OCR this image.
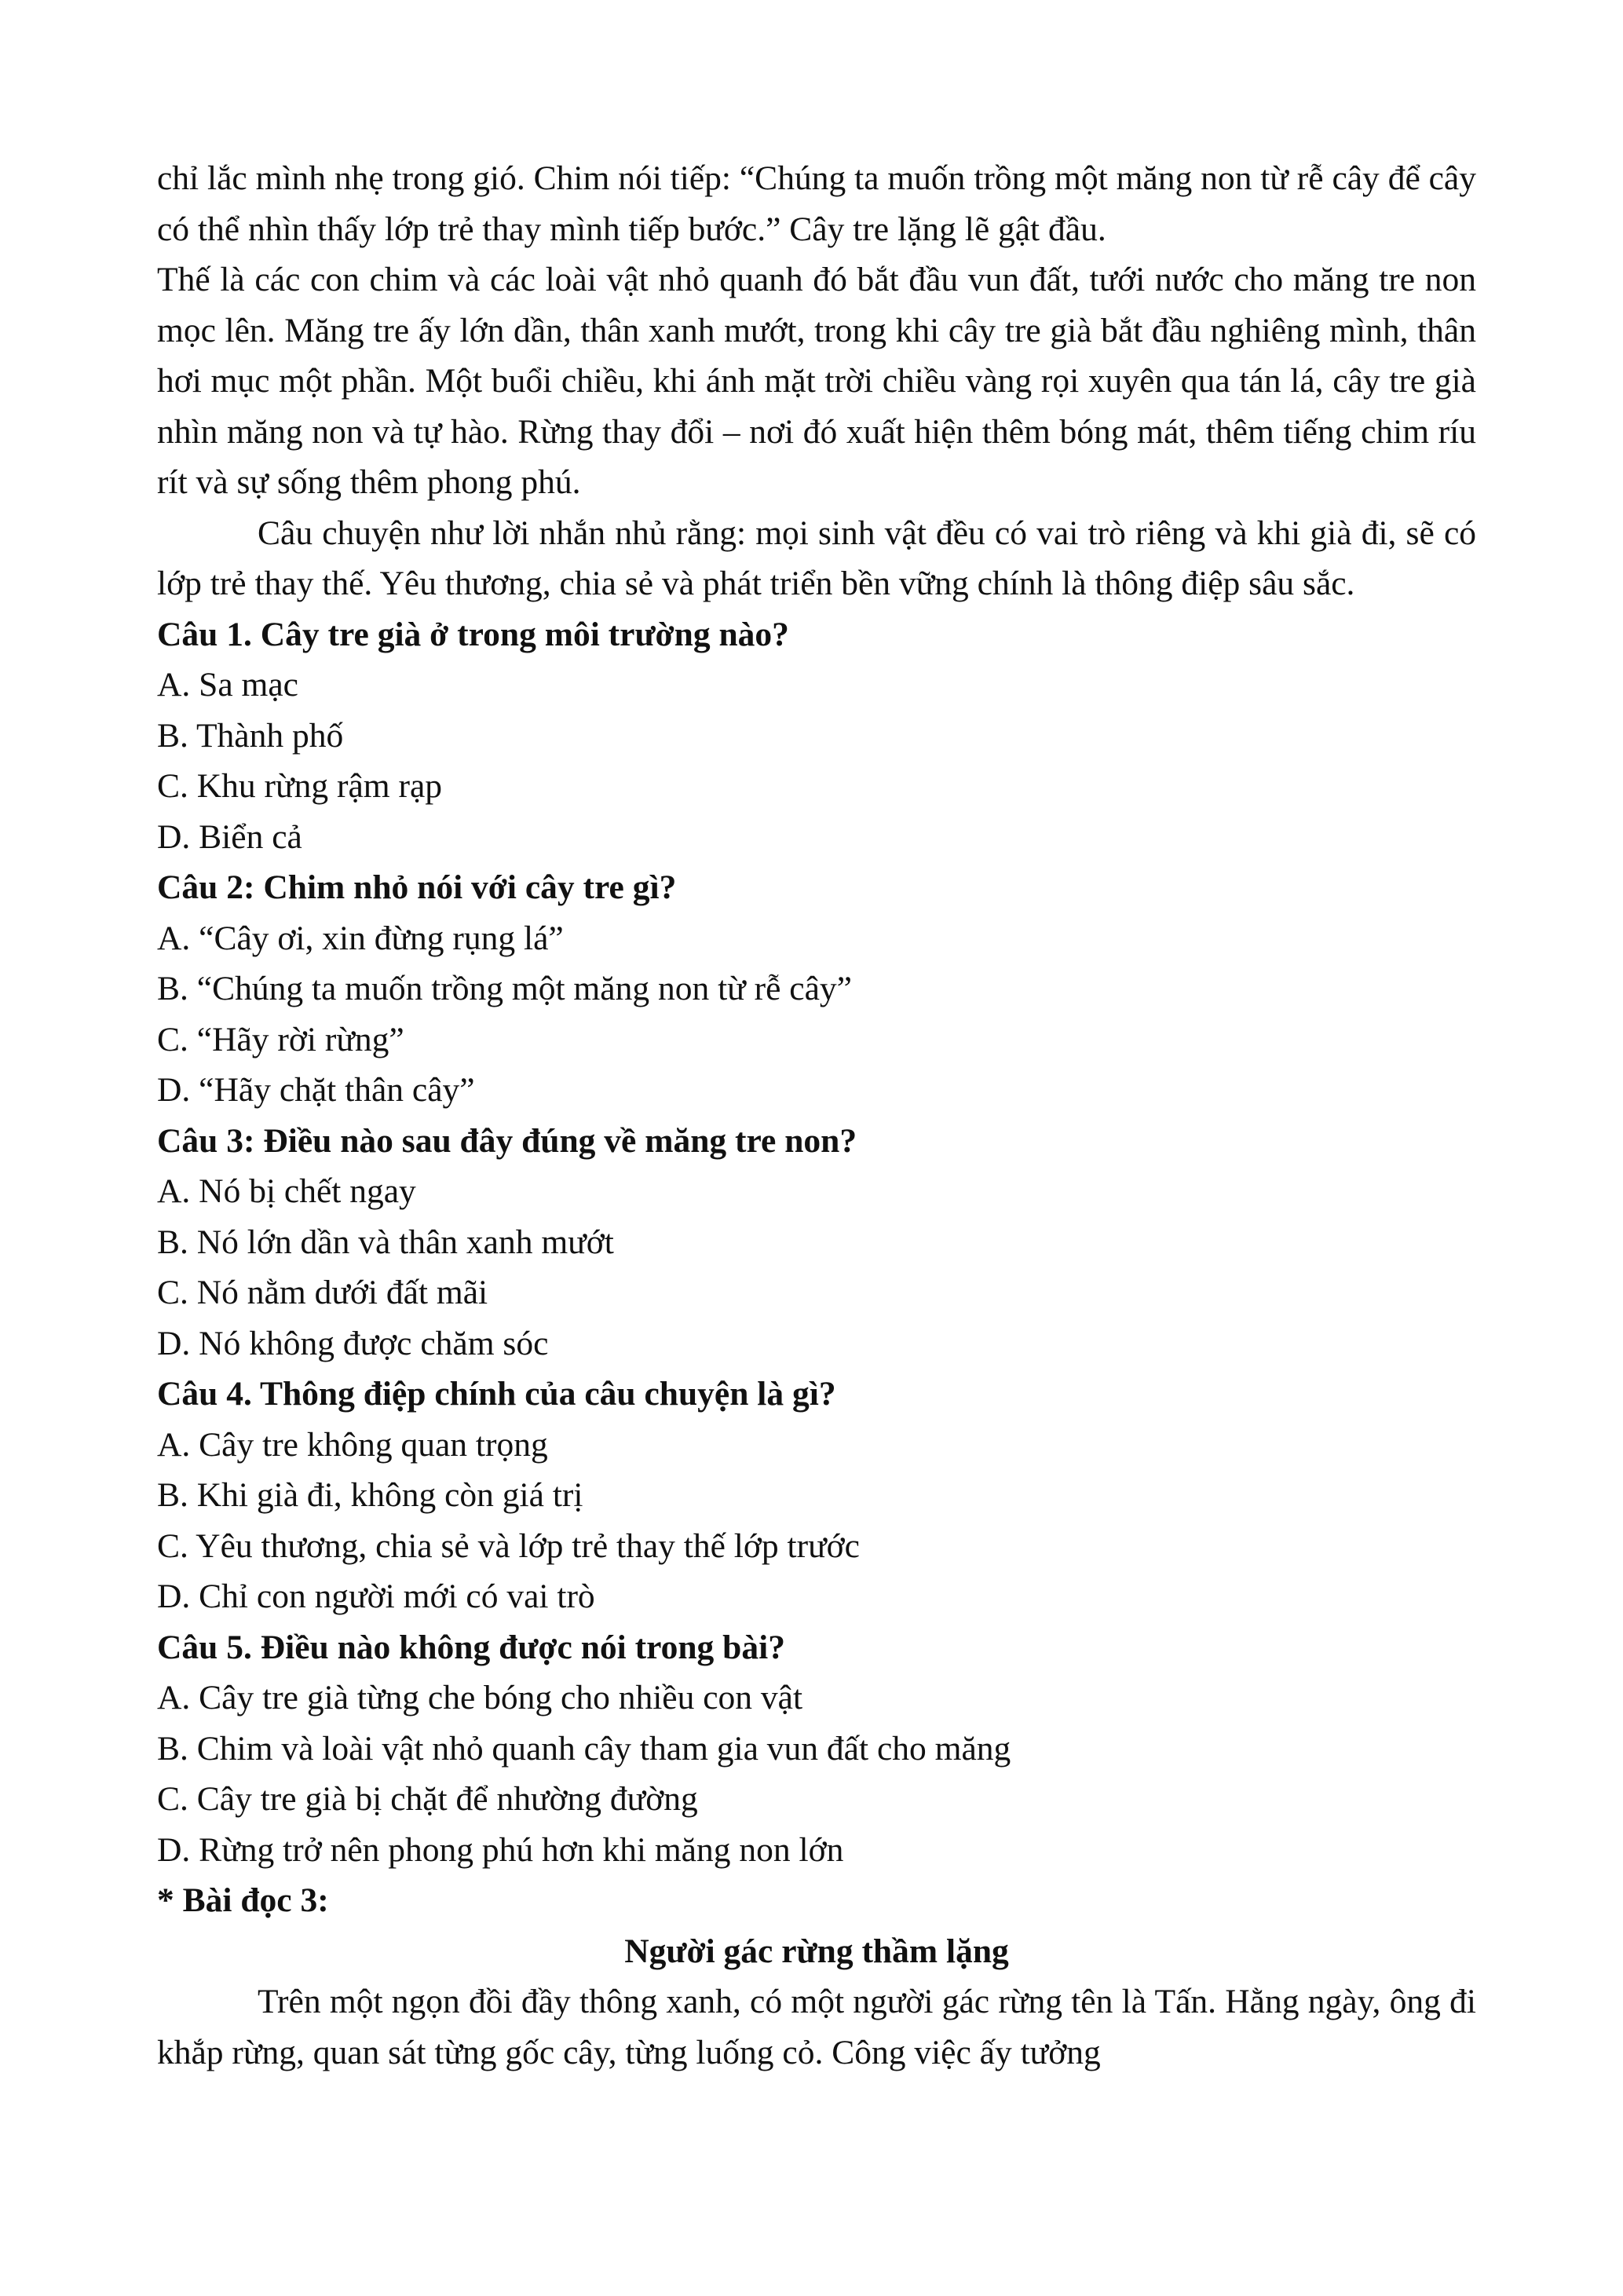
chỉ lắc mình nhẹ trong gió. Chim nói tiếp: “Chúng ta muốn trồng một măng non từ rễ cây để cây có thể nhìn thấy lớp trẻ thay mình tiếp bước.” Cây tre lặng lẽ gật đầu.

Thế là các con chim và các loài vật nhỏ quanh đó bắt đầu vun đất, tưới nước cho măng tre non mọc lên. Măng tre ấy lớn dần, thân xanh mướt, trong khi cây tre già bắt đầu nghiêng mình, thân hơi mục một phần. Một buổi chiều, khi ánh mặt trời chiều vàng rọi xuyên qua tán lá, cây tre già nhìn măng non và tự hào. Rừng thay đổi – nơi đó xuất hiện thêm bóng mát, thêm tiếng chim ríu rít và sự sống thêm phong phú.

Câu chuyện như lời nhắn nhủ rằng: mọi sinh vật đều có vai trò riêng và khi già đi, sẽ có lớp trẻ thay thế. Yêu thương, chia sẻ và phát triển bền vững chính là thông điệp sâu sắc.

Câu 1. Cây tre già ở trong môi trường nào?

A. Sa mạc

B. Thành phố

C. Khu rừng rậm rạp

D. Biển cả

Câu 2: Chim nhỏ nói với cây tre gì?

A. “Cây ơi, xin đừng rụng lá”

B. “Chúng ta muốn trồng một măng non từ rễ cây”

C. “Hãy rời rừng”

D. “Hãy chặt thân cây”

Câu 3: Điều nào sau đây đúng về măng tre non?

A. Nó bị chết ngay

B. Nó lớn dần và thân xanh mướt

C. Nó nằm dưới đất mãi

D. Nó không được chăm sóc

Câu 4. Thông điệp chính của câu chuyện là gì?

A. Cây tre không quan trọng

B. Khi già đi, không còn giá trị

C. Yêu thương, chia sẻ và lớp trẻ thay thế lớp trước

D. Chỉ con người mới có vai trò

Câu 5. Điều nào không được nói trong bài?

A. Cây tre già từng che bóng cho nhiều con vật

B. Chim và loài vật nhỏ quanh cây tham gia vun đất cho măng

C. Cây tre già bị chặt để nhường đường

D. Rừng trở nên phong phú hơn khi măng non lớn

* Bài đọc 3:

Người gác rừng thầm lặng

Trên một ngọn đồi đầy thông xanh, có một người gác rừng tên là Tấn. Hằng ngày, ông đi khắp rừng, quan sát từng gốc cây, từng luống cỏ. Công việc ấy tưởng
